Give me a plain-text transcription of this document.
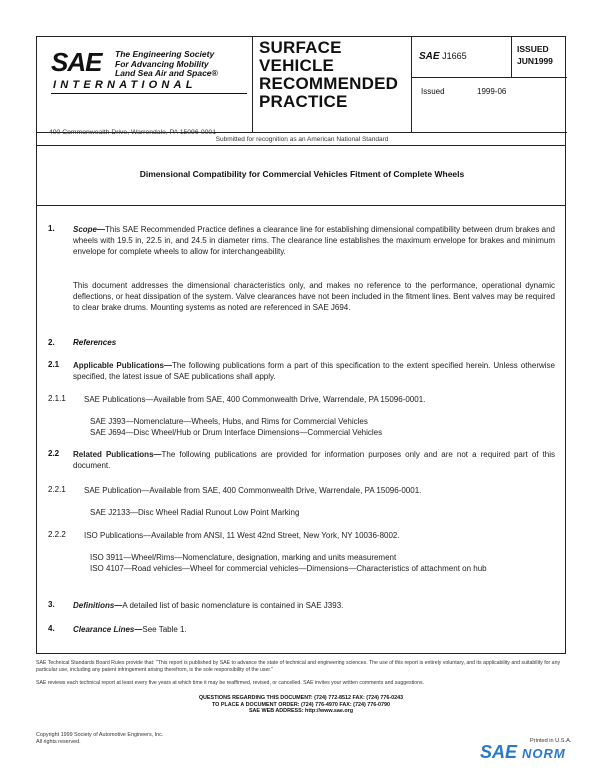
SAE The Engineering Society
For Advancing Mobility
Land Sea Air and Space®
INTERNATIONAL
400 Commonwealth Drive, Warrendale, PA 15096-0001
SURFACE
VEHICLE
RECOMMENDED
PRACTICE
SAE J1665
Issued	1999-06
ISSUED
JUN1999
Submitted for recognition as an American National Standard
Dimensional Compatibility for Commercial Vehicles Fitment of Complete Wheels
1. Scope—This SAE Recommended Practice defines a clearance line for establishing dimensional compatibility between drum brakes and wheels with 19.5 in, 22.5 in, and 24.5 in diameter rims. The clearance line establishes the maximum envelope for brakes and minimum envelope for complete wheels to allow for interchangeability.
This document addresses the dimensional characteristics only, and makes no reference to the performance, operational dynamic deflections, or heat dissipation of the system. Valve clearances have not been included in the fitment lines. Bent valves may be required to clear brake drums. Mounting systems as noted are referenced in SAE J694.
2. References
2.1 Applicable Publications—The following publications form a part of this specification to the extent specified herein. Unless otherwise specified, the latest issue of SAE publications shall apply.
2.1.1 SAE Publications—Available from SAE, 400 Commonwealth Drive, Warrendale, PA 15096-0001.
SAE J393—Nomenclature—Wheels, Hubs, and Rims for Commercial Vehicles
SAE J694—Disc Wheel/Hub or Drum Interface Dimensions—Commercial Vehicles
2.2 Related Publications—The following publications are provided for information purposes only and are not a required part of this document.
2.2.1 SAE Publication—Available from SAE, 400 Commonwealth Drive, Warrendale, PA 15096-0001.
SAE J2133—Disc Wheel Radial Runout Low Point Marking
2.2.2 ISO Publications—Available from ANSI, 11 West 42nd Street, New York, NY 10036-8002.
ISO 3911—Wheel/Rims—Nomenclature, designation, marking and units measurement
ISO 4107—Road vehicles—Wheel for commercial vehicles—Dimensions—Characteristics of attachment on hub
3. Definitions—A detailed list of basic nomenclature is contained in SAE J393.
4. Clearance Lines—See Table 1.
SAE Technical Standards Board Rules provide that: "This report is published by SAE to advance the state of technical and engineering sciences. The use of this report is entirely voluntary, and its applicability and suitability for any particular use, including any patent infringement arising therefrom, is the sole responsibility of the user."
SAE reviews each technical report at least every five years at which time it may be reaffirmed, revised, or cancelled. SAE invites your written comments and suggestions.
QUESTIONS REGARDING THIS DOCUMENT: (724) 772-8512 FAX: (724) 776-0243
TO PLACE A DOCUMENT ORDER: (724) 776-4970 FAX: (724) 776-0790
SAE WEB ADDRESS: http://www.sae.org
Copyright 1999 Society of Automotive Engineers, Inc.
All rights reserved.	Printed in U.S.A.
SAE NORM
